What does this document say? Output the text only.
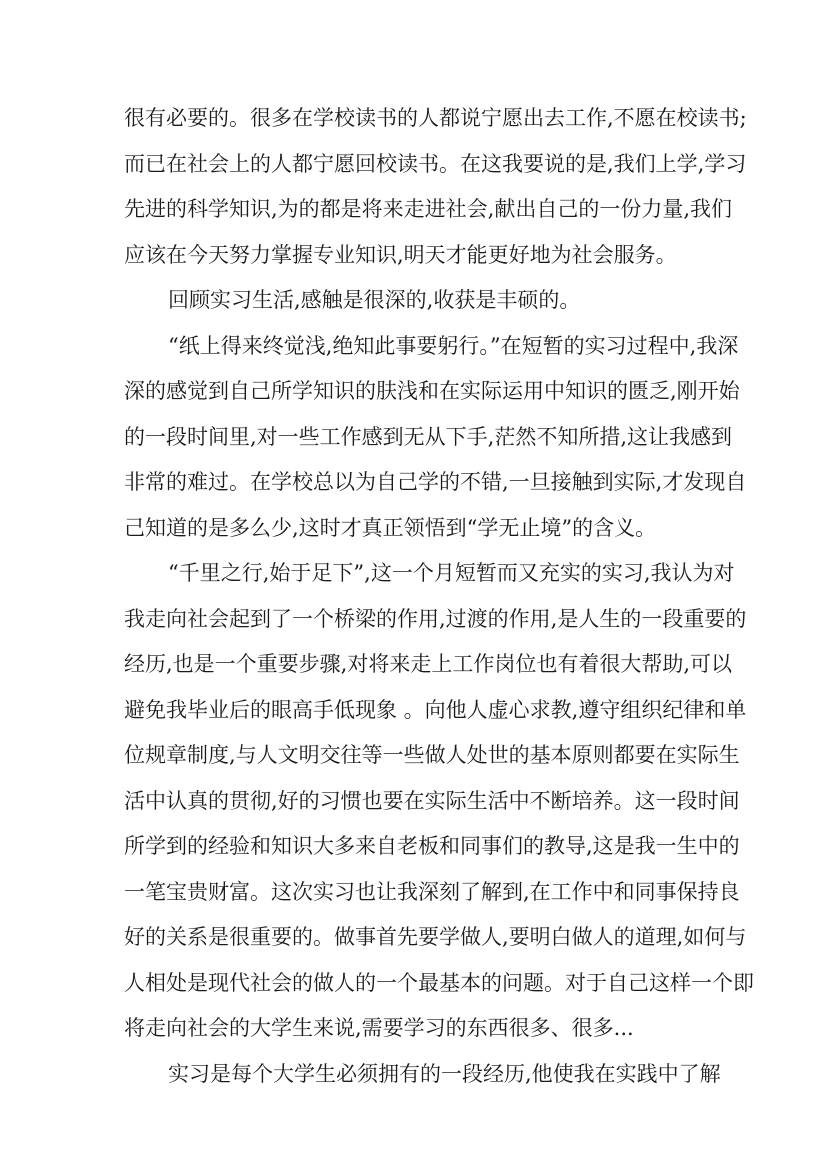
很有必要的。很多在学校读书的人都说宁愿出去工作,不愿在校读书;
而已在社会上的人都宁愿回校读书。在这我要说的是,我们上学,学习
先进的科学知识,为的都是将来走进社会,献出自己的一份力量,我们
应该在今天努力掌握专业知识,明天才能更好地为社会服务。

回顾实习生活,感触是很深的,收获是丰硕的。

“纸上得来终觉浅,绝知此事要躬行。”在短暂的实习过程中,我深
深的感觉到自己所学知识的肤浅和在实际运用中知识的匮乏,刚开始
的一段时间里,对一些工作感到无从下手,茫然不知所措,这让我感到
非常的难过。在学校总以为自己学的不错,一旦接触到实际,才发现自
己知道的是多么少,这时才真正领悟到“学无止境”的含义。

“千里之行,始于足下”,这一个月短暂而又充实的实习,我认为对
我走向社会起到了一个桥梁的作用,过渡的作用,是人生的一段重要的
经历,也是一个重要步骤,对将来走上工作岗位也有着很大帮助,可以
避免我毕业后的眼高手低现象 。向他人虚心求教,遵守组织纪律和单
位规章制度,与人文明交往等一些做人处世的基本原则都要在实际生
活中认真的贯彻,好的习惯也要在实际生活中不断培养。这一段时间
所学到的经验和知识大多来自老板和同事们的教导,这是我一生中的
一笔宝贵财富。这次实习也让我深刻了解到,在工作中和同事保持良
好的关系是很重要的。做事首先要学做人,要明白做人的道理,如何与
人相处是现代社会的做人的一个最基本的问题。对于自己这样一个即
将走向社会的大学生来说,需要学习的东西很多、很多...

实习是每个大学生必须拥有的一段经历,他使我在实践中了解
